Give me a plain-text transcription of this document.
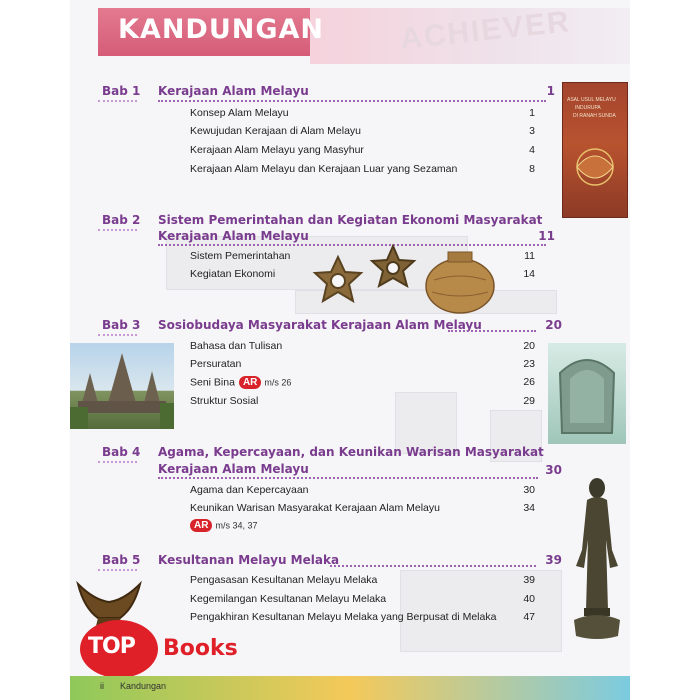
ACHIEVER
KANDUNGAN
Bab 1 Kerajaan Alam Melayu	1
Konsep Alam Melayu	1
Kewujudan Kerajaan di Alam Melayu	3
Kerajaan Alam Melayu yang Masyhur	4
Kerajaan Alam Melayu dan Kerajaan Luar yang Sezaman	8
ASAL USUL MELAYU
INDURUPA
DI RANAH SUNDA
Bab 2 Sistem Pemerintahan dan Kegiatan Ekonomi Masyarakat
Kerajaan Alam Melayu	11
Sistem Pemerintahan	11
Kegiatan Ekonomi	14
Bab 3 Sosiobudaya Masyarakat Kerajaan Alam Melayu	20
Bahasa dan Tulisan	20
Persuratan	23
Seni Bina AR m/s 26	26
Struktur Sosial	29
Bab 4 Agama, Kepercayaan, dan Keunikan Warisan Masyarakat
Kerajaan Alam Melayu	30
Agama dan Kepercayaan	30
Keunikan Warisan Masyarakat Kerajaan Alam Melayu	34
AR m/s 34, 37
Bab 5 Kesultanan Melayu Melaka	39
Pengasasan Kesultanan Melayu Melaka	39
Kegemilangan Kesultanan Melayu Melaka	40
Pengakhiran Kesultanan Melayu Melaka yang Berpusat di Melaka	47
TOP Books
ii Kandungan
